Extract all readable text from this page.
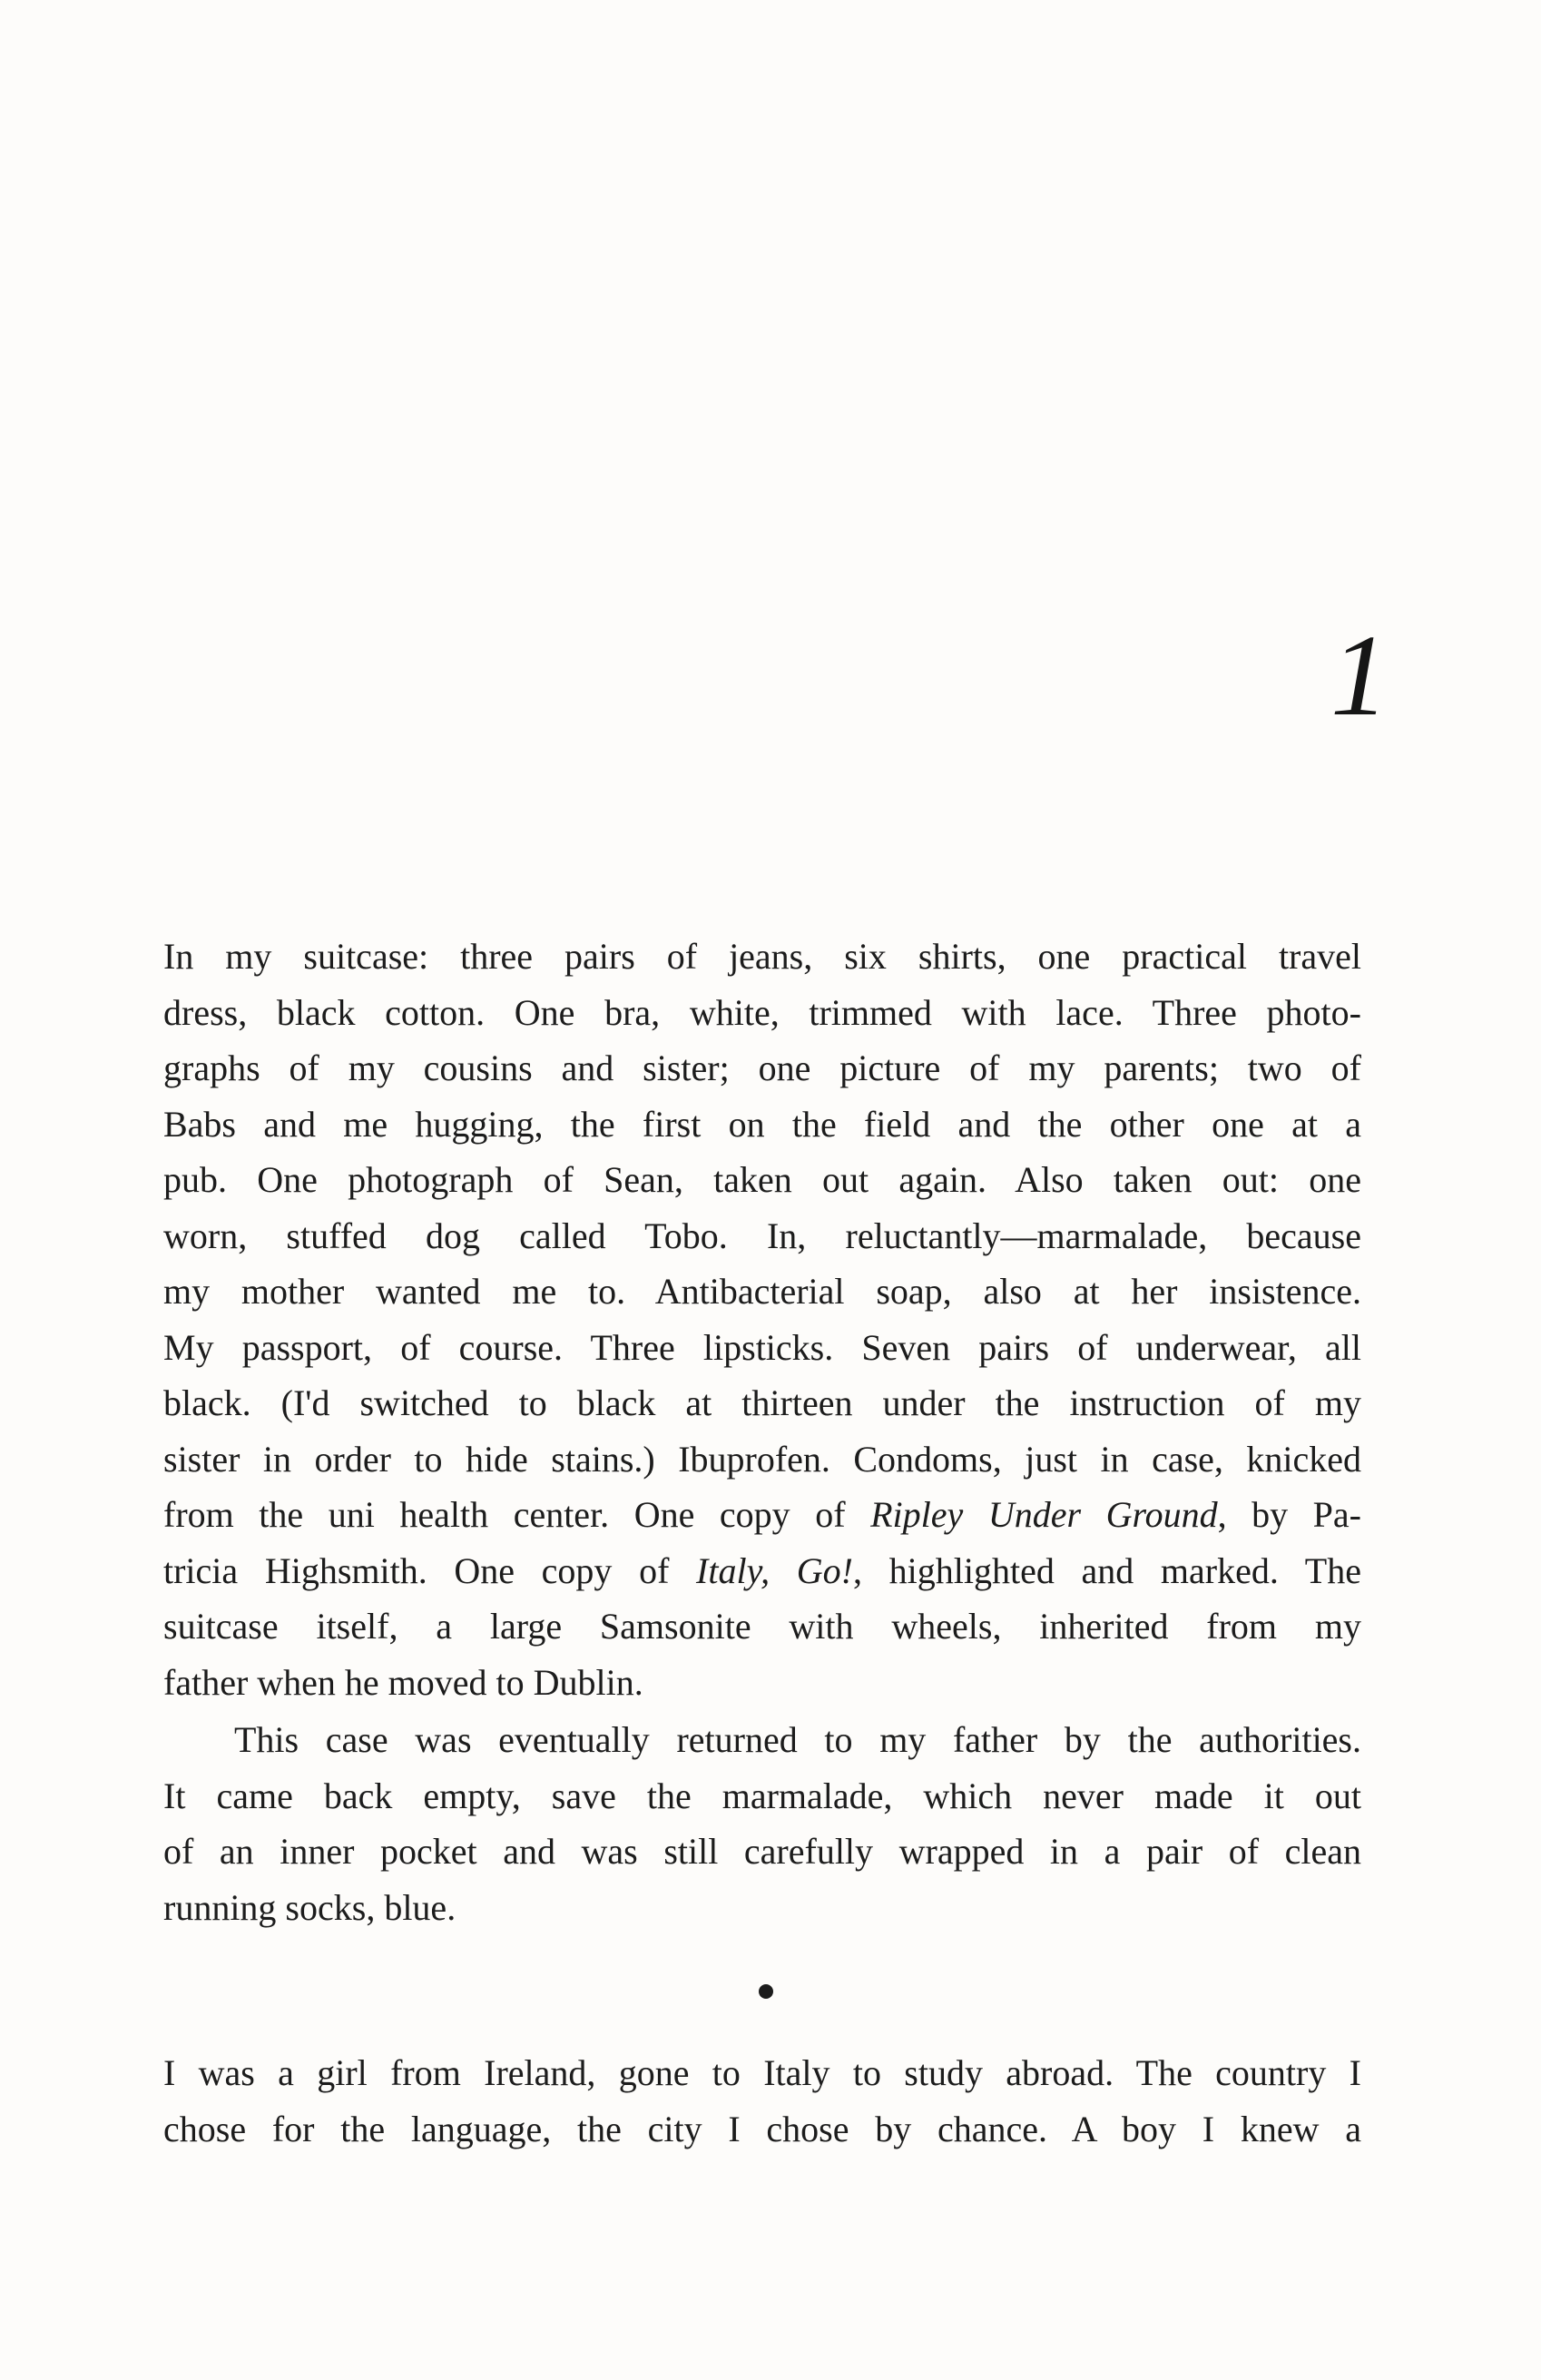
1
In my suitcase: three pairs of jeans, six shirts, one practical travel
dress, black cotton. One bra, white, trimmed with lace. Three photo-
graphs of my cousins and sister; one picture of my parents; two of
Babs and me hugging, the first on the field and the other one at a
pub. One photograph of Sean, taken out again. Also taken out: one
worn, stuffed dog called Tobo. In, reluctantly—marmalade, because
my mother wanted me to. Antibacterial soap, also at her insistence.
My passport, of course. Three lipsticks. Seven pairs of underwear, all
black. (I'd switched to black at thirteen under the instruction of my
sister in order to hide stains.) Ibuprofen. Condoms, just in case, knicked
from the uni health center. One copy of Ripley Under Ground, by Pa-
tricia Highsmith. One copy of Italy, Go!, highlighted and marked. The
suitcase itself, a large Samsonite with wheels, inherited from my
father when he moved to Dublin.
This case was eventually returned to my father by the authorities.
It came back empty, save the marmalade, which never made it out
of an inner pocket and was still carefully wrapped in a pair of clean
running socks, blue.
I was a girl from Ireland, gone to Italy to study abroad. The country I
chose for the language, the city I chose by chance. A boy I knew a
